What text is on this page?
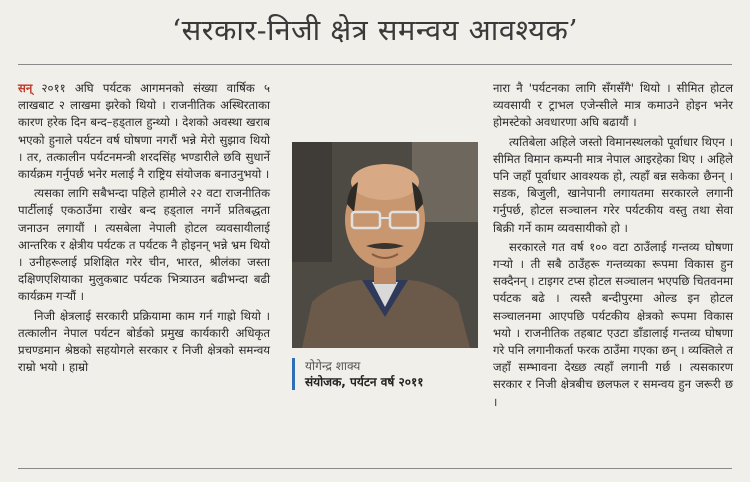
‘सरकार-निजी क्षेत्र समन्वय आवश्यक’

सन् २०११ अघि पर्यटक आगमनको संख्या वार्षिक ५ लाखबाट २ लाखमा झरेको थियो । राजनीतिक अस्थिरताका कारण हरेक दिन बन्द–हड्ताल हुन्थ्यो । देशको अवस्था खराब भएको हुनाले पर्यटन वर्ष घोषणा नगरौं भन्ने मेरो सुझाव थियो । तर, तत्कालीन पर्यटनमन्त्री शरदसिंह भण्डारीले छवि सुधार्ने कार्यक्रम गर्नुपर्छ भनेर मलाई नै राष्ट्रिय संयोजक बनाउनुभयो ।

त्यसका लागि सबैभन्दा पहिले हामीले २२ वटा राजनीतिक पार्टीलाई एकठाउँमा राखेर बन्द हड्ताल नगर्ने प्रतिबद्धता जनाउन लगायौं । त्यसबेला नेपाली होटल व्यवसायीलाई आन्तरिक र क्षेत्रीय पर्यटक त पर्यटक नै होइनन् भन्ने भ्रम थियो । उनीहरूलाई प्रशिक्षित गरेर चीन, भारत, श्रीलंका जस्ता दक्षिणएशियाका मुलुकबाट पर्यटक भित्र्याउन बढीभन्दा बढी कार्यक्रम गऱ्यौं ।

निजी क्षेत्रलाई सरकारी प्रक्रियामा काम गर्न गाह्रो थियो । तत्कालीन नेपाल पर्यटन बोर्डको प्रमुख कार्यकारी अधिकृत प्रचण्डमान श्रेष्ठको सहयोगले सरकार र निजी क्षेत्रको समन्वय राम्रो भयो । हाम्रो	योगेन्द्र शाक्य
संयोजक, पर्यटन वर्ष २०११

नारा नै 'पर्यटनका लागि सँगसँगै' थियो । सीमित होटल व्यवसायी र ट्राभल एजेन्सीले मात्र कमाउने होइन भनेर होमस्टेको अवधारणा अघि बढायौं ।

त्यतिबेला अहिले जस्तो विमानस्थलको पूर्वाधार थिएन । सीमित विमान कम्पनी मात्र नेपाल आइरहेका थिए । अहिले पनि जहाँ पूर्वाधार आवश्यक हो, त्यहाँ बन्न सकेका छैनन् । सडक, बिजुली, खानेपानी लगायतमा सरकारले लगानी गर्नुपर्छ, होटल सञ्चालन गरेर पर्यटकीय वस्तु तथा सेवा बिक्री गर्ने काम व्यवसायीको हो ।

सरकारले गत वर्ष १०० वटा ठाउँलाई गन्तव्य घोषणा गऱ्यो । ती सबै ठाउँहरू गन्तव्यका रूपमा विकास हुन सक्दैनन् । टाइगर टप्स होटल सञ्चालन भएपछि चितवनमा पर्यटक बढे । त्यस्तै बन्दीपुरमा ओल्ड इन होटल सञ्चालनमा आएपछि पर्यटकीय क्षेत्रको रूपमा विकास भयो । राजनीतिक तहबाट एउटा डाँडालाई गन्तव्य घोषणा गरे पनि लगानीकर्ता फरक ठाउँमा गएका छन् । व्यक्तिले त जहाँ सम्भावना देख्छ त्यहाँ लगानी गर्छ । त्यसकारण सरकार र निजी क्षेत्रबीच छलफल र समन्वय हुन जरूरी छ ।
